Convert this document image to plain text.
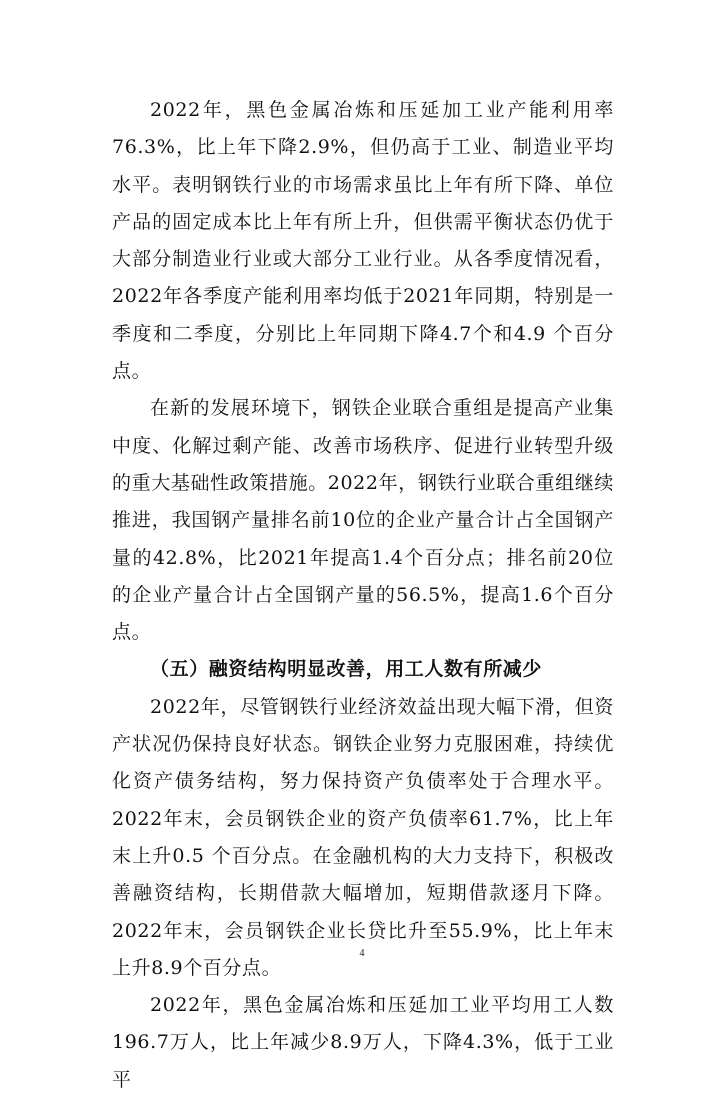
2022年，黑色金属冶炼和压延加工业产能利用率76.3%，比上年下降2.9%，但仍高于工业、制造业平均水平。表明钢铁行业的市场需求虽比上年有所下降、单位产品的固定成本比上年有所上升，但供需平衡状态仍优于大部分制造业行业或大部分工业行业。从各季度情况看，2022年各季度产能利用率均低于2021年同期，特别是一季度和二季度，分别比上年同期下降4.7个和4.9 个百分点。

在新的发展环境下，钢铁企业联合重组是提高产业集中度、化解过剩产能、改善市场秩序、促进行业转型升级的重大基础性政策措施。2022年，钢铁行业联合重组继续推进，我国钢产量排名前10位的企业产量合计占全国钢产量的42.8%，比2021年提高1.4个百分点；排名前20位的企业产量合计占全国钢产量的56.5%，提高1.6个百分点。

（五）融资结构明显改善，用工人数有所减少

2022年，尽管钢铁行业经济效益出现大幅下滑，但资产状况仍保持良好状态。钢铁企业努力克服困难，持续优化资产债务结构，努力保持资产负债率处于合理水平。2022年末，会员钢铁企业的资产负债率61.7%，比上年末上升0.5 个百分点。在金融机构的大力支持下，积极改善融资结构，长期借款大幅增加，短期借款逐月下降。2022年末，会员钢铁企业长贷比升至55.9%，比上年末上升8.9个百分点。

2022年，黑色金属冶炼和压延加工业平均用工人数196.7万人，比上年减少8.9万人，下降4.3%，低于工业平

4
